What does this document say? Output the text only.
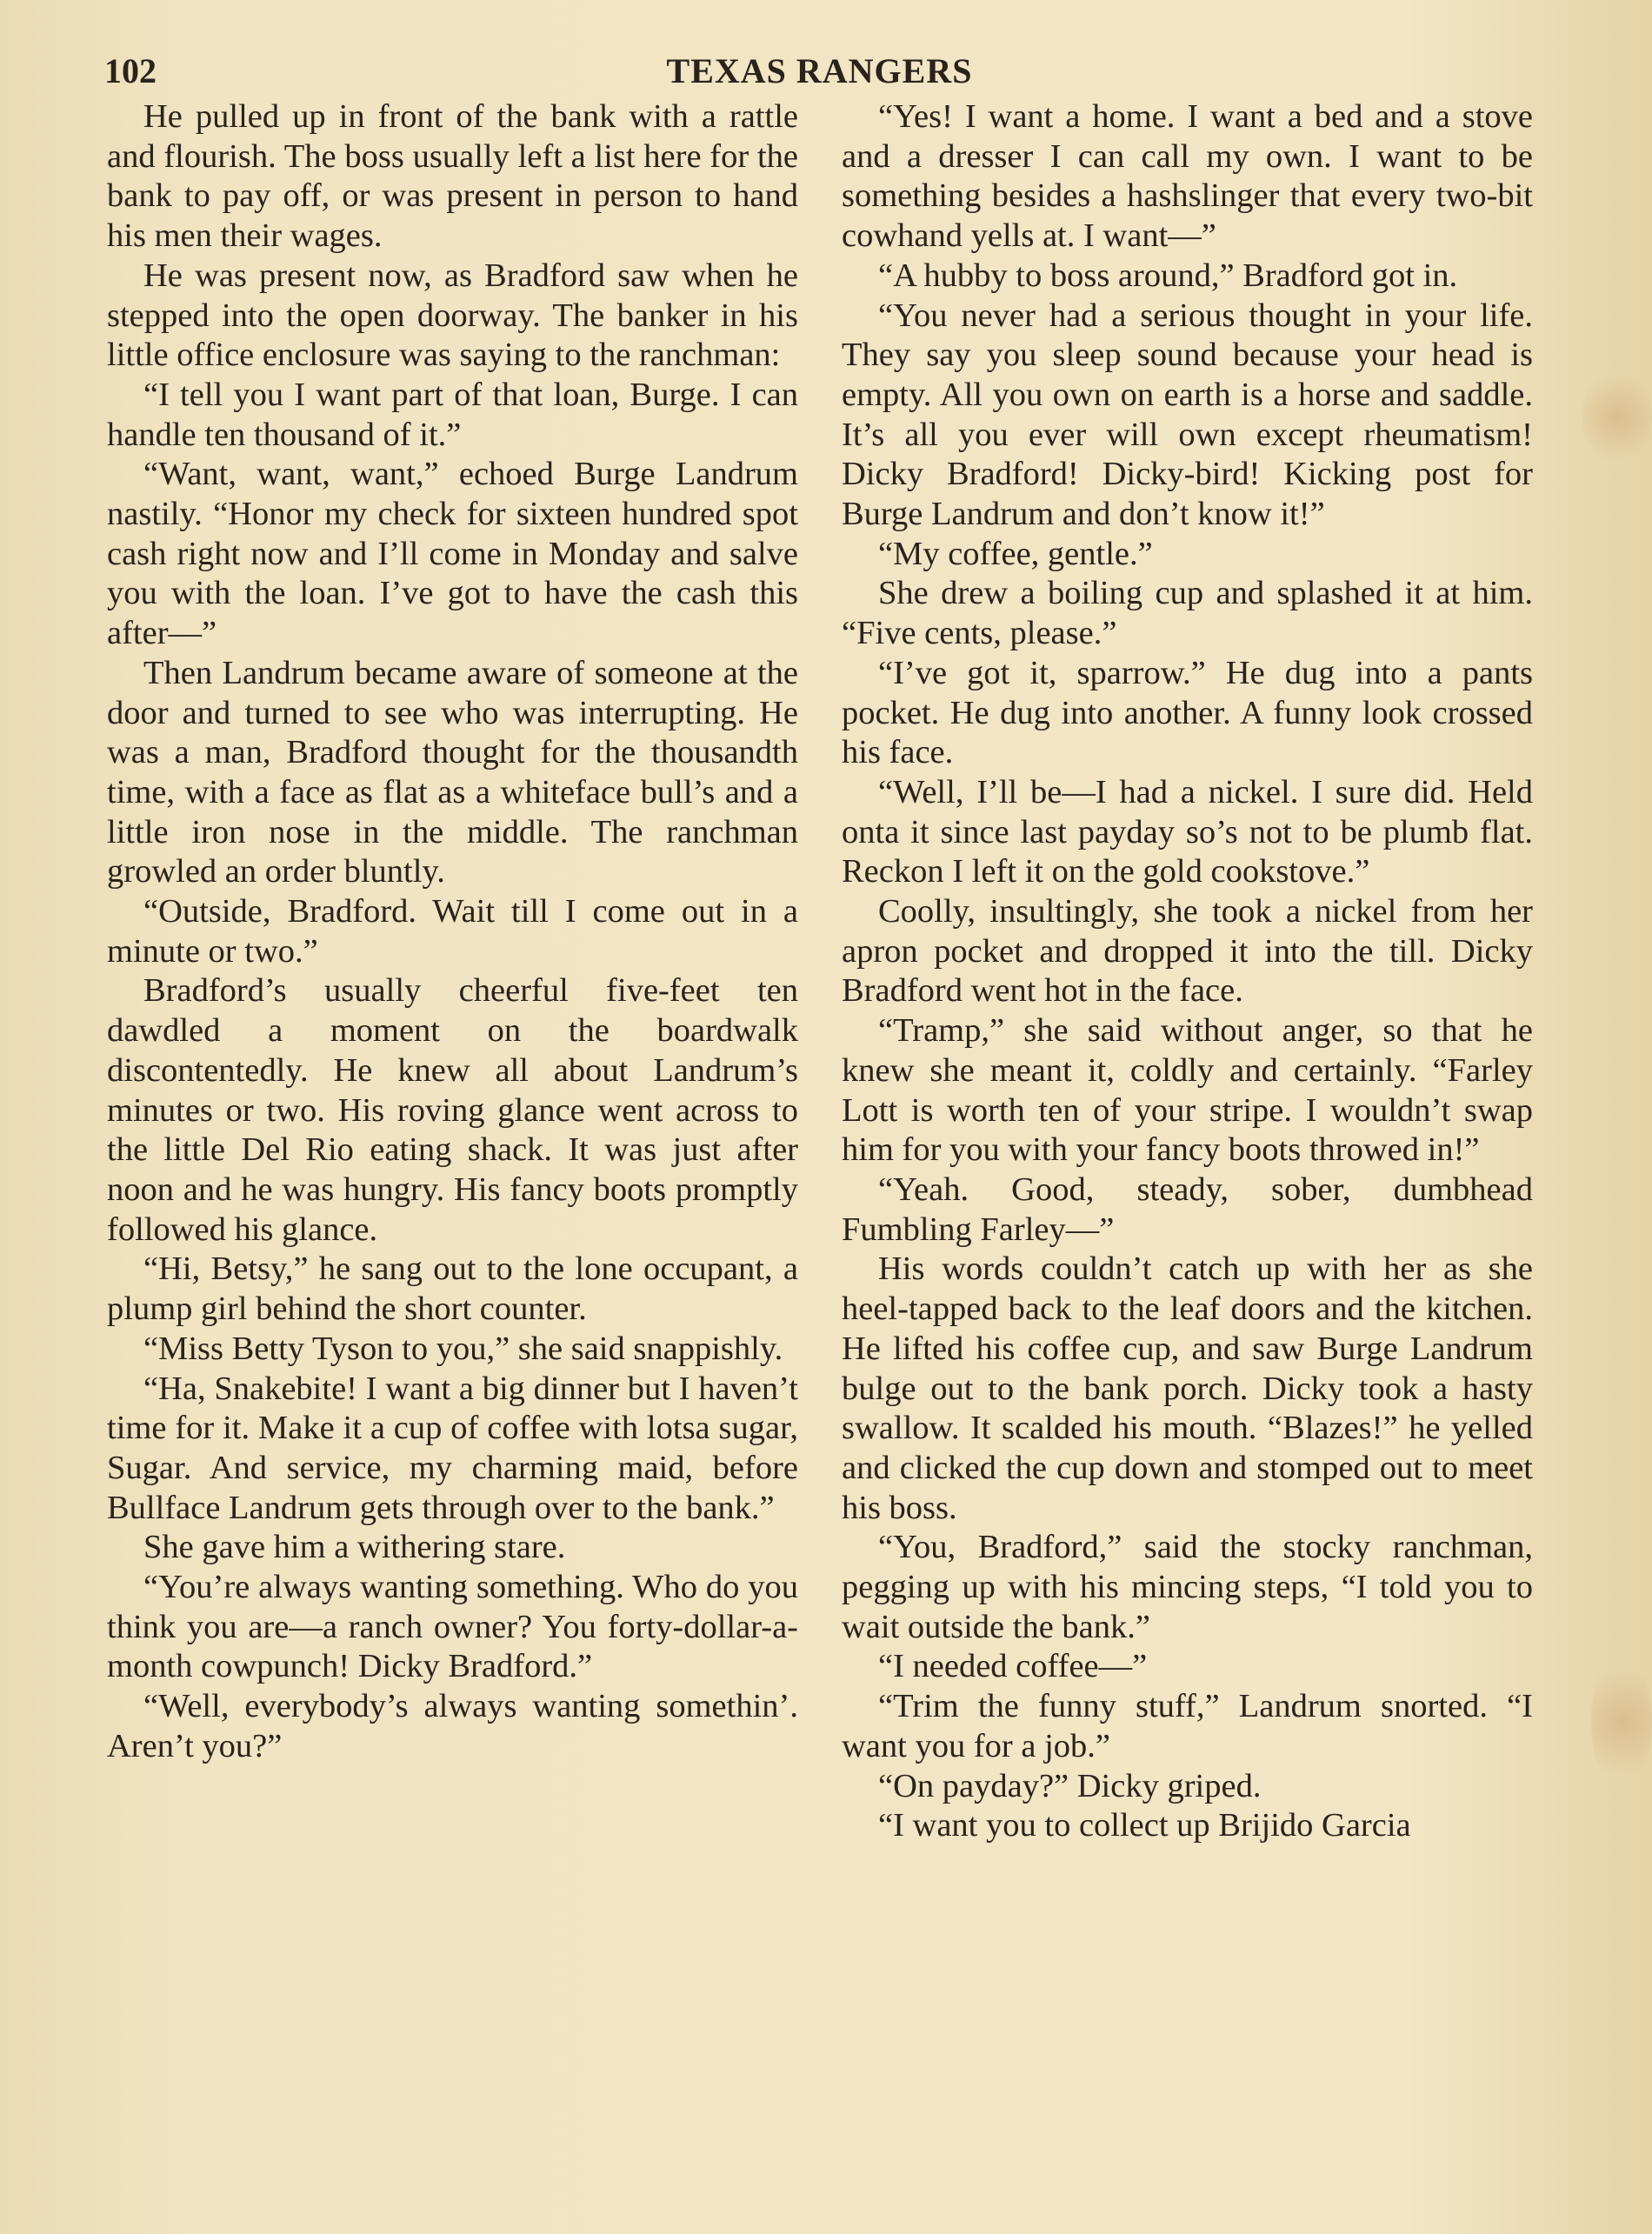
102	TEXAS RANGERS

He pulled up in front of the bank with a rattle and flourish. The boss usually left a list here for the bank to pay off, or was present in person to hand his men their wages.

He was present now, as Bradford saw when he stepped into the open doorway. The banker in his little office enclosure was saying to the ranchman:

“I tell you I want part of that loan, Burge. I can handle ten thousand of it.”

“Want, want, want,” echoed Burge Landrum nastily. “Honor my check for sixteen hundred spot cash right now and I’ll come in Monday and salve you with the loan. I’ve got to have the cash this after—”

Then Landrum became aware of someone at the door and turned to see who was interrupting. He was a man, Bradford thought for the thousandth time, with a face as flat as a whiteface bull’s and a little iron nose in the middle. The ranchman growled an order bluntly.

“Outside, Bradford. Wait till I come out in a minute or two.”

Bradford’s usually cheerful five-feet ten dawdled a moment on the boardwalk discontentedly. He knew all about Landrum’s minutes or two. His roving glance went across to the little Del Rio eating shack. It was just after noon and he was hungry. His fancy boots promptly followed his glance.

“Hi, Betsy,” he sang out to the lone occupant, a plump girl behind the short counter.

“Miss Betty Tyson to you,” she said snappishly.

“Ha, Snakebite! I want a big dinner but I haven’t time for it. Make it a cup of coffee with lotsa sugar, Sugar. And service, my charming maid, before Bullface Landrum gets through over to the bank.”

She gave him a withering stare.

“You’re always wanting something. Who do you think you are—a ranch owner? You forty-dollar-a-month cowpunch! Dicky Bradford.”

“Well, everybody’s always wanting somethin’. Aren’t you?”

“Yes! I want a home. I want a bed and a stove and a dresser I can call my own. I want to be something besides a hashslinger that every two-bit cowhand yells at. I want—”

“A hubby to boss around,” Bradford got in.

“You never had a serious thought in your life. They say you sleep sound because your head is empty. All you own on earth is a horse and saddle. It’s all you ever will own except rheumatism! Dicky Bradford! Dicky-bird! Kicking post for Burge Landrum and don’t know it!”

“My coffee, gentle.”

She drew a boiling cup and splashed it at him. “Five cents, please.”

“I’ve got it, sparrow.” He dug into a pants pocket. He dug into another. A funny look crossed his face.

“Well, I’ll be—I had a nickel. I sure did. Held onta it since last payday so’s not to be plumb flat. Reckon I left it on the gold cookstove.”

Coolly, insultingly, she took a nickel from her apron pocket and dropped it into the till. Dicky Bradford went hot in the face.

“Tramp,” she said without anger, so that he knew she meant it, coldly and certainly. “Farley Lott is worth ten of your stripe. I wouldn’t swap him for you with your fancy boots throwed in!”

“Yeah. Good, steady, sober, dumbhead Fumbling Farley—”

His words couldn’t catch up with her as she heel-tapped back to the leaf doors and the kitchen. He lifted his coffee cup, and saw Burge Landrum bulge out to the bank porch. Dicky took a hasty swallow. It scalded his mouth. “Blazes!” he yelled and clicked the cup down and stomped out to meet his boss.

“You, Bradford,” said the stocky ranchman, pegging up with his mincing steps, “I told you to wait outside the bank.”

“I needed coffee—”

“Trim the funny stuff,” Landrum snorted. “I want you for a job.”

“On payday?” Dicky griped.

“I want you to collect up Brijido Garcia
